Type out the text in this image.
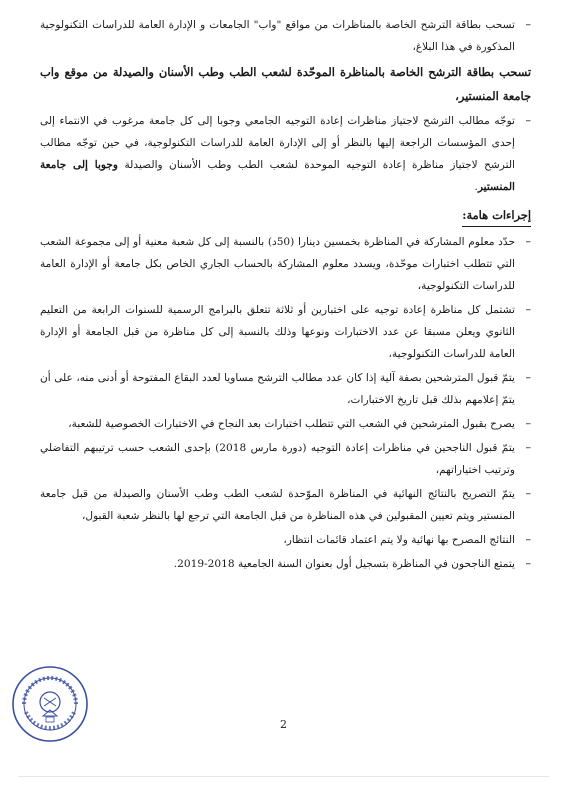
–
تسحب بطاقة الترشح الخاصة بالمناظرات من مواقع "واب" الجامعات و الإدارة العامة للدراسات التكنولوجية المذكورة في هذا البلاغ،
تسحب بطاقة الترشح الخاصة بالمناظرة الموحّدة لشعب الطب وطب الأسنان والصيدلة من موقع واب جامعة المنستير،
–
توجّه مطالب الترشح لاجتياز مناظرات إعادة التوجيه الجامعي وجوبا إلى كل جامعة مرغوب في الانتماء إلى إحدى المؤسسات الراجعة إليها بالنظر أو إلى الإدارة العامة للدراسات التكنولوجية، في حين توجّه مطالب الترشح لاجتياز مناظرة إعادة التوجيه الموحدة لشعب الطب وطب الأسنان والصيدلة وجوبا إلى جامعة المنستير.
إجراءات هامة:
–
حدّد معلوم المشاركة في المناظرة بخمسين دينارا (50د) بالنسبة إلى كل شعبة معنية أو إلى مجموعة الشعب التي تتطلب اختبارات موحّدة، ويسدد معلوم المشاركة بالحساب الجاري الخاص بكل جامعة أو الإدارة العامة للدراسات التكنولوجية،
–
تشتمل كل مناظرة إعادة توجيه على اختبارين أو ثلاثة تتعلق بالبرامج الرسمية للسنوات الرابعة من التعليم الثانوي ويعلن مسبقا عن عدد الاختبارات ونوعها وذلك بالنسبة إلى كل مناظرة من قبل الجامعة أو الإدارة العامة للدراسات التكنولوجية،
–
يتمّ قبول المترشحين بصفة آلية إذا كان عدد مطالب الترشح مساويا لعدد البقاع المفتوحة أو أدنى منه، على أن يتمّ إعلامهم بذلك قبل تاريخ الاختبارات،
–
يصرح بقبول المترشحين في الشعب التي تتطلب اختبارات بعد النجاح في الاختبارات الخصوصية للشعبة،
–
يتمّ قبول الناجحين في مناظرات إعادة التوجيه (دورة مارس 2018) بإحدى الشعب حسب ترتيبهم التفاضلي وترتيب اختياراتهم،
–
يتمّ التصريح بالنتائج النهائية في المناظرة الموّحدة لشعب الطب وطب الأسنان والصيدلة من قبل جامعة المنستير ويتم تعيين المقبولين في هذه المناظرة من قبل الجامعة التي ترجع لها بالنظر شعبة القبول،
–
النتائج المصرح بها نهائية ولا يتم اعتماد قائمات انتظار،
–
يتمتع الناجحون في المناظرة بتسجيل أول بعنوان السنة الجامعية 2018-2019.
2
